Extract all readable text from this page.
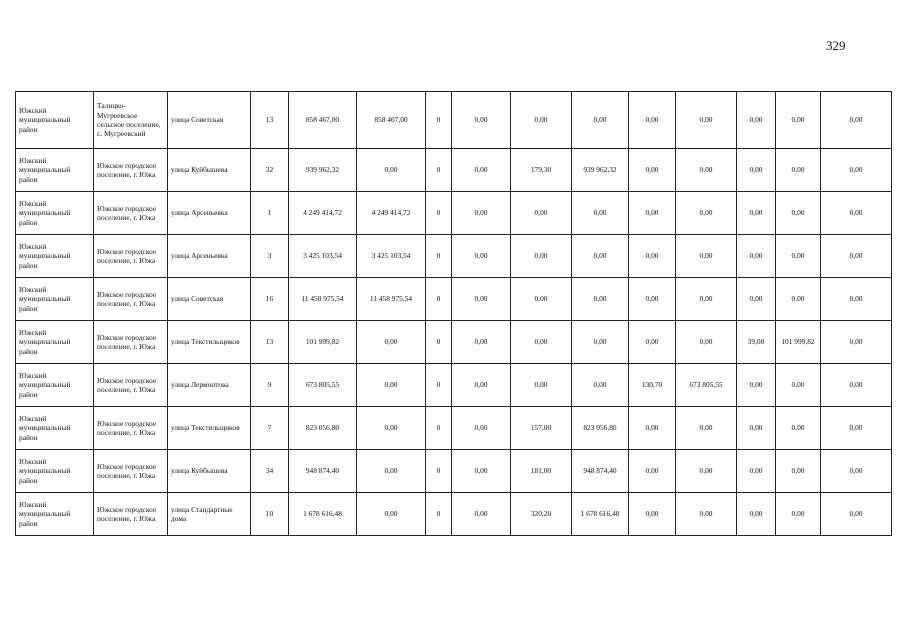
329
Южский муниципальный район	Талицко-Мугреевское сельское поселение, с. Мугреевский	улица Советская	13	858 467,00	858 467,00	0	0,00	0,00	0,00	0,00	0,00	0,00	0,00	0,00
Южский муниципальный район	Южское городское поселение, г. Южа	улица Куйбышева	32	939 962,32	0,00	0	0,00	179,30	939 962,32	0,00	0,00	0,00	0,00	0,00
Южский муниципальный район	Южское городское поселение, г. Южа	улица Арсеньевка	1	4 249 414,72	4 249 414,72	0	0,00	0,00	0,00	0,00	0,00	0,00	0,00	0,00
Южский муниципальный район	Южское городское поселение, г. Южа	улица Арсеньевка	3	3 425 103,54	3 425 103,54	0	0,00	0,00	0,00	0,00	0,00	0,00	0,00	0,00
Южский муниципальный район	Южское городское поселение, г. Южа	улица Советская	16	11 458 975,54	11 458 975,54	0	0,00	0,00	0,00	0,00	0,00	0,00	0,00	0,00
Южский муниципальный район	Южское городское поселение, г. Южа	улица Текстильщиков	13	101 999,82	0,00	0	0,00	0,00	0,00	0,00	0,00	39,00	101 999,82	0,00
Южский муниципальный район	Южское городское поселение, г. Южа	улица Лермонтова	9	673 805,55	0,00	0	0,00	0,00	0,00	130,70	673 805,55	0,00	0,00	0,00
Южский муниципальный район	Южское городское поселение, г. Южа	улица Текстильщиков	7	823 056,80	0,00	0	0,00	157,00	823 056,80	0,00	0,00	0,00	0,00	0,00
Южский муниципальный район	Южское городское поселение, г. Южа	улица Куйбышева	34	948 874,40	0,00	0	0,00	181,00	948 874,40	0,00	0,00	0,00	0,00	0,00
Южский муниципальный район	Южское городское поселение, г. Южа	улица Стандартные дома	10	1 678 616,48	0,00	0	0,00	320,20	1 678 616,48	0,00	0,00	0,00	0,00	0,00
